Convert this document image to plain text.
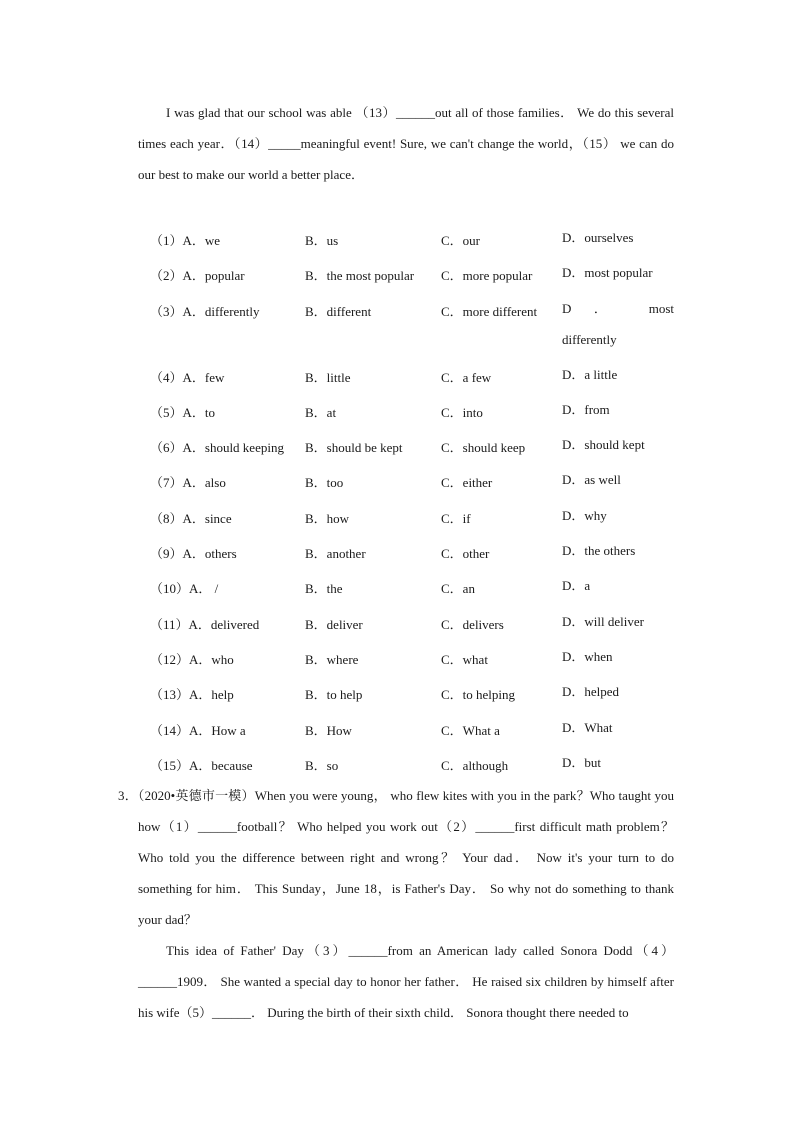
I was glad that our school was able （13）______out all of those families． We do this several times each year．（14）_____meaningful event! Sure, we can't change the world，（15） we can do our best to make our world a better place．

（1）A．we	B．us	C．our	D．ourselves
（2）A．popular	B．the most popular C．more popular D．most popular
（3）A．differently	B．different	C．more different D ． most differently
（4）A．few	B．little	C．a few	D．a little
（5）A．to	B．at	C．into	D．from
（6）A．should keeping B．should be kept	C．should keep	D．should kept
（7）A．also	B．too	C．either	D．as well
（8）A．since	B．how	C．if	D．why
（9）A．others	B．another	C．other	D．the others
（10）A． /	B．the	C．an	D．a
（11）A．delivered	B．deliver	C．delivers	D．will deliver
（12）A．who	B．where	C．what	D．when
（13）A．help	B．to help	C．to helping	D．helped
（14）A．How a	B．How	C．What a	D．What
（15）A．because	B．so	C．although	D．but
3．（2020•英德市一模）When you were young， who flew kites with you in the park？Who taught you how（1）______football？ Who helped you work out（2）______first difficult math problem？ Who told you the difference between right and wrong？ Your dad． Now it's your turn to do something for him． This Sunday，June 18，is Father's Day． So why not do something to thank your dad？
This idea of Father' Day（3）______from an American lady called Sonora Dodd（4）______1909． She wanted a special day to honor her father． He raised six children by himself after his wife（5）______． During the birth of their sixth child． Sonora thought there needed to
